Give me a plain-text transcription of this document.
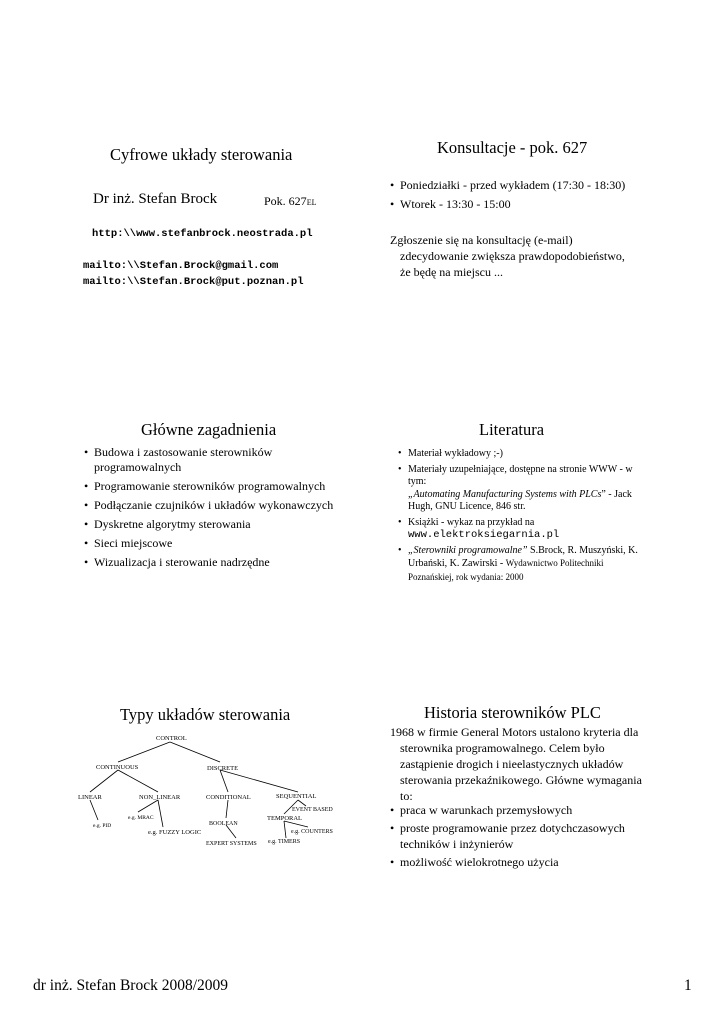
Cyfrowe układy sterowania
Dr inż. Stefan Brock	Pok. 627EL
http:\\www.stefanbrock.neostrada.pl
mailto:\\Stefan.Brock@gmail.com
mailto:\\Stefan.Brock@put.poznan.pl
Konsultacje - pok. 627
• Poniedziałki - przed wykładem (17:30 - 18:30)
• Wtorek - 13:30 - 15:00
Zgłoszenie się na konsultację (e-mail)
zdecydowanie zwiększa prawdopodobieństwo,
że będę na miejscu ...
Główne zagadnienia
• Budowa i zastosowanie sterowników programowalnych
• Programowanie sterowników programowalnych
• Podłączanie czujników i układów wykonawczych
• Dyskretne algorytmy sterowania
• Sieci miejscowe
• Wizualizacja i sterowanie nadrzędne
Literatura
• Materiał wykładowy ;-)
• Materiały uzupełniające, dostępne na stronie WWW - w tym:
„Automating Manufacturing Systems with PLCs” - Jack Hugh, GNU Licence, 846 str.
• Książki - wykaz na przykład na
www.elektroksiegarnia.pl
• „Sterowniki programowalne” S.Brock, R. Muszyński, K. Urbański, K. Zawirski - Wydawnictwo Politechniki Poznańskiej, rok wydania: 2000
Typy układów sterowania
CONTROL
CONTINUOUS	DISCRETE
LINEAR	NON_LINEAR	CONDITIONAL	SEQUENTIAL
e.g. PID
e.g. MRAC
e.g. FUZZY LOGIC
BOOLEAN
EXPERT SYSTEMS e.g. TIMERS
EVENT BASED
TEMPORAL
e.g. COUNTERS
Historia sterowników PLC
1968 w firmie General Motors ustalono kryteria dla sterownika programowalnego. Celem było zastąpienie drogich i nieelastycznych układów sterowania przekaźnikowego. Główne wymagania to:
• praca w warunkach przemysłowych
• proste programowanie przez dotychczasowych techników i inżynierów
• możliwość wielokrotnego użycia
dr inż. Stefan Brock 2008/2009	1
